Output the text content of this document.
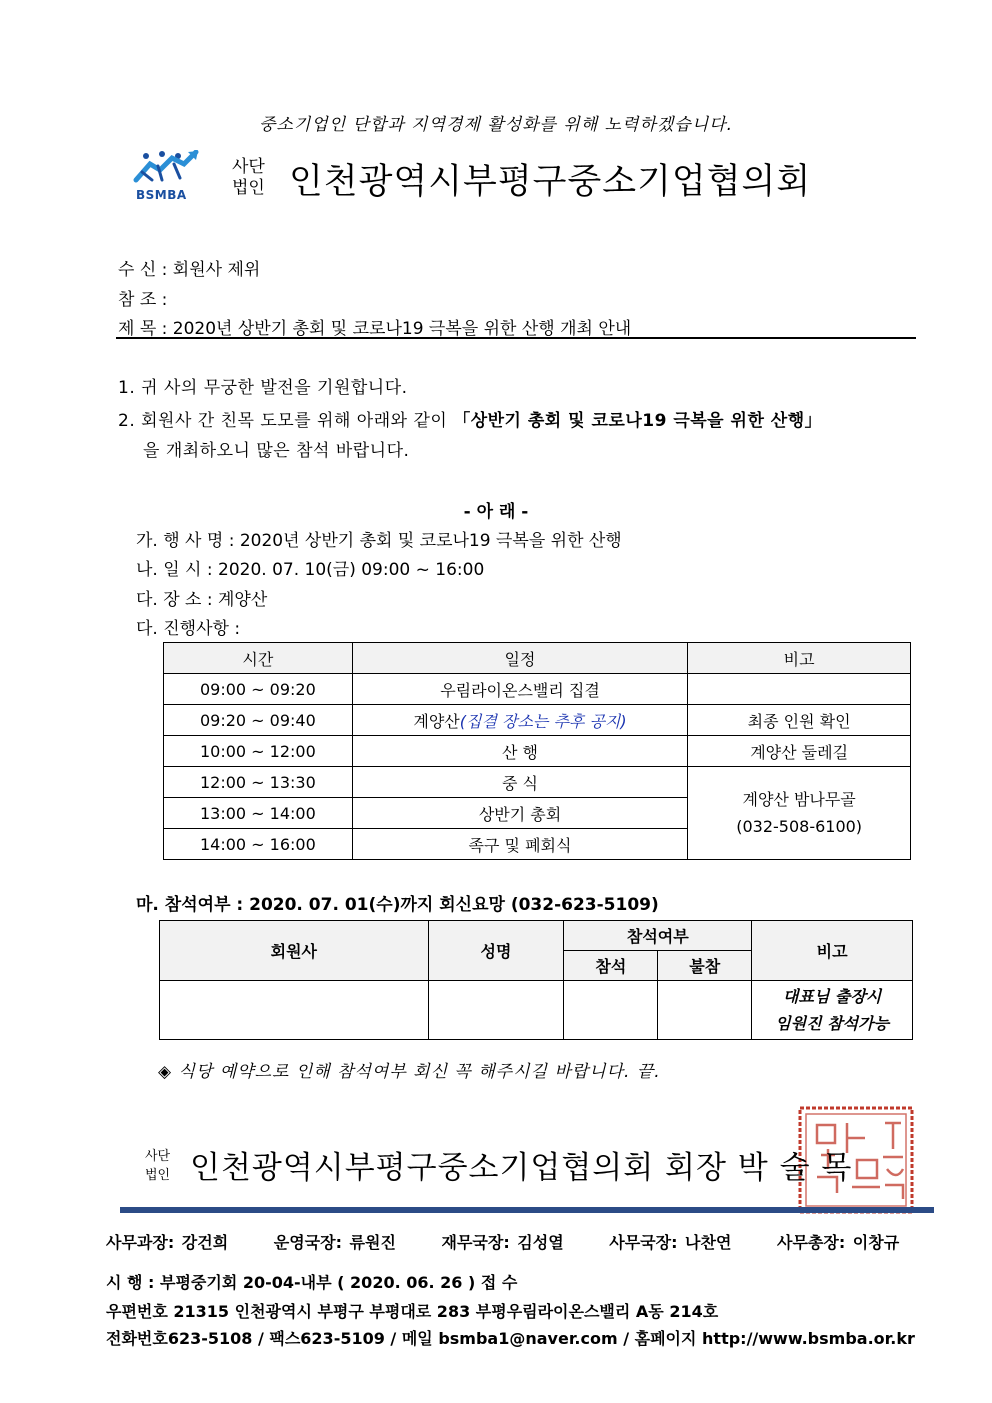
중소기업인 단합과 지역경제 활성화를 위해 노력하겠습니다.
BSMBA
사단
법인 인천광역시부평구중소기업협의회
수 신 : 회원사 제위
참 조 :
제 목 : 2020년 상반기 총회 및 코로나19 극복을 위한 산행 개최 안내
1. 귀 사의 무궁한 발전을 기원합니다.
2. 회원사 간 친목 도모를 위해 아래와 같이 「상반기 총회 및 코로나19 극복을 위한 산행」
을 개최하오니 많은 참석 바랍니다.
- 아 래 -
가. 행 사 명 : 2020년 상반기 총회 및 코로나19 극복을 위한 산행
나. 일 시 : 2020. 07. 10(금) 09:00 ~ 16:00
다. 장 소 : 계양산
다. 진행사항 :
시간	일정	비고
09:00 ~ 09:20	우림라이온스밸리 집결	
09:20 ~ 09:40	계양산(집결 장소는 추후 공지)	최종 인원 확인
10:00 ~ 12:00	산 행	계양산 둘레길
12:00 ~ 13:30	중 식	계양산 밤나무골
(032-508-6100)

13:00 ~ 14:00	상반기 총회	
14:00 ~ 16:00	족구 및 폐회식	
마. 참석여부 : 2020. 07. 01(수)까지 회신요망 (032-623-5109)
회원사	성명	참석여부		비고
		참석	불참	

				대표님 출장시
임원진 참석가능
◈ 식당 예약으로 인해 참석여부 회신 꼭 해주시길 바랍니다. 끝.
사단
법인 인천광역시부평구중소기업협의회 회장 박 술 목
사무과장: 강건희	운영국장: 류원진	재무국장: 김성열	사무국장: 나찬연	사무총장: 이창규
시 행 : 부평중기회 20-04-내부 ( 2020. 06. 26 ) 접 수
우편번호 21315 인천광역시 부평구 부평대로 283 부평우림라이온스밸리 A동 214호
전화번호623-5108 / 팩스623-5109 / 메일 bsmba1@naver.com / 홈페이지 http://www.bsmba.or.kr
